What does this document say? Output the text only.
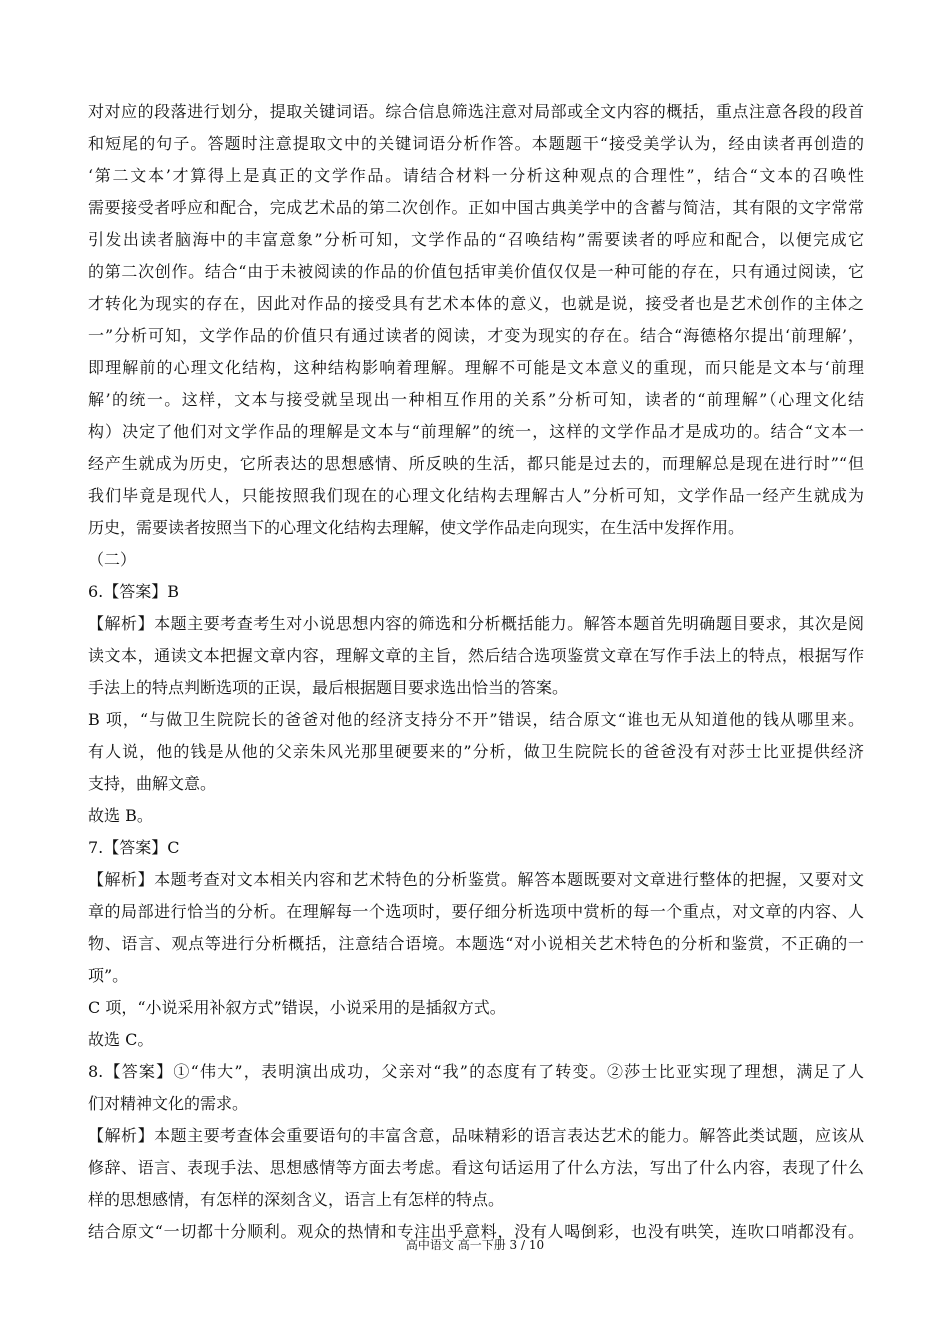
对对应的段落进行划分，提取关键词语。综合信息筛选注意对局部或全文内容的概括，重点注意各段的段首
和短尾的句子。答题时注意提取文中的关键词语分析作答。本题题干“接受美学认为，经由读者再创造的
‘第二文本’才算得上是真正的文学作品。请结合材料一分析这种观点的合理性”，结合“文本的召唤性
需要接受者呼应和配合，完成艺术品的第二次创作。正如中国古典美学中的含蓄与简洁，其有限的文字常常
引发出读者脑海中的丰富意象”分析可知，文学作品的“召唤结构”需要读者的呼应和配合，以便完成它
的第二次创作。结合“由于未被阅读的作品的价值包括审美价值仅仅是一种可能的存在，只有通过阅读，它
才转化为现实的存在，因此对作品的接受具有艺术本体的意义，也就是说，接受者也是艺术创作的主体之
一”分析可知，文学作品的价值只有通过读者的阅读，才变为现实的存在。结合“海德格尔提出‘前理解’，
即理解前的心理文化结构，这种结构影响着理解。理解不可能是文本意义的重现，而只能是文本与‘前理
解’的统一。这样，文本与接受就呈现出一种相互作用的关系”分析可知，读者的“前理解”（心理文化结
构）决定了他们对文学作品的理解是文本与“前理解”的统一，这样的文学作品才是成功的。结合“文本一
经产生就成为历史，它所表达的思想感情、所反映的生活，都只能是过去的，而理解总是现在进行时”“但
我们毕竟是现代人，只能按照我们现在的心理文化结构去理解古人”分析可知，文学作品一经产生就成为
历史，需要读者按照当下的心理文化结构去理解，使文学作品走向现实，在生活中发挥作用。
（二）
6.【答案】B
【解析】本题主要考查考生对小说思想内容的筛选和分析概括能力。解答本题首先明确题目要求，其次是阅
读文本，通读文本把握文章内容，理解文章的主旨，然后结合选项鉴赏文章在写作手法上的特点，根据写作
手法上的特点判断选项的正误，最后根据题目要求选出恰当的答案。
B 项，“与做卫生院院长的爸爸对他的经济支持分不开”错误，结合原文“谁也无从知道他的钱从哪里来。
有人说，他的钱是从他的父亲朱风光那里硬要来的”分析，做卫生院院长的爸爸没有对莎士比亚提供经济
支持，曲解文意。
故选 B。
7.【答案】C
【解析】本题考查对文本相关内容和艺术特色的分析鉴赏。解答本题既要对文章进行整体的把握，又要对文
章的局部进行恰当的分析。在理解每一个选项时，要仔细分析选项中赏析的每一个重点，对文章的内容、人
物、语言、观点等进行分析概括，注意结合语境。本题选“对小说相关艺术特色的分析和鉴赏，不正确的一
项”。
C 项，“小说采用补叙方式”错误，小说采用的是插叙方式。
故选 C。
8.【答案】①“伟大”，表明演出成功，父亲对“我”的态度有了转变。②莎士比亚实现了理想，满足了人
们对精神文化的需求。
【解析】本题主要考查体会重要语句的丰富含意，品味精彩的语言表达艺术的能力。解答此类试题，应该从
修辞、语言、表现手法、思想感情等方面去考虑。看这句话运用了什么方法，写出了什么内容，表现了什么
样的思想感情，有怎样的深刻含义，语言上有怎样的特点。
结合原文“一切都十分顺利。观众的热情和专注出乎意料，没有人喝倒彩，也没有哄笑，连吹口哨都没有。
高中语文 高一下册 3 / 10
